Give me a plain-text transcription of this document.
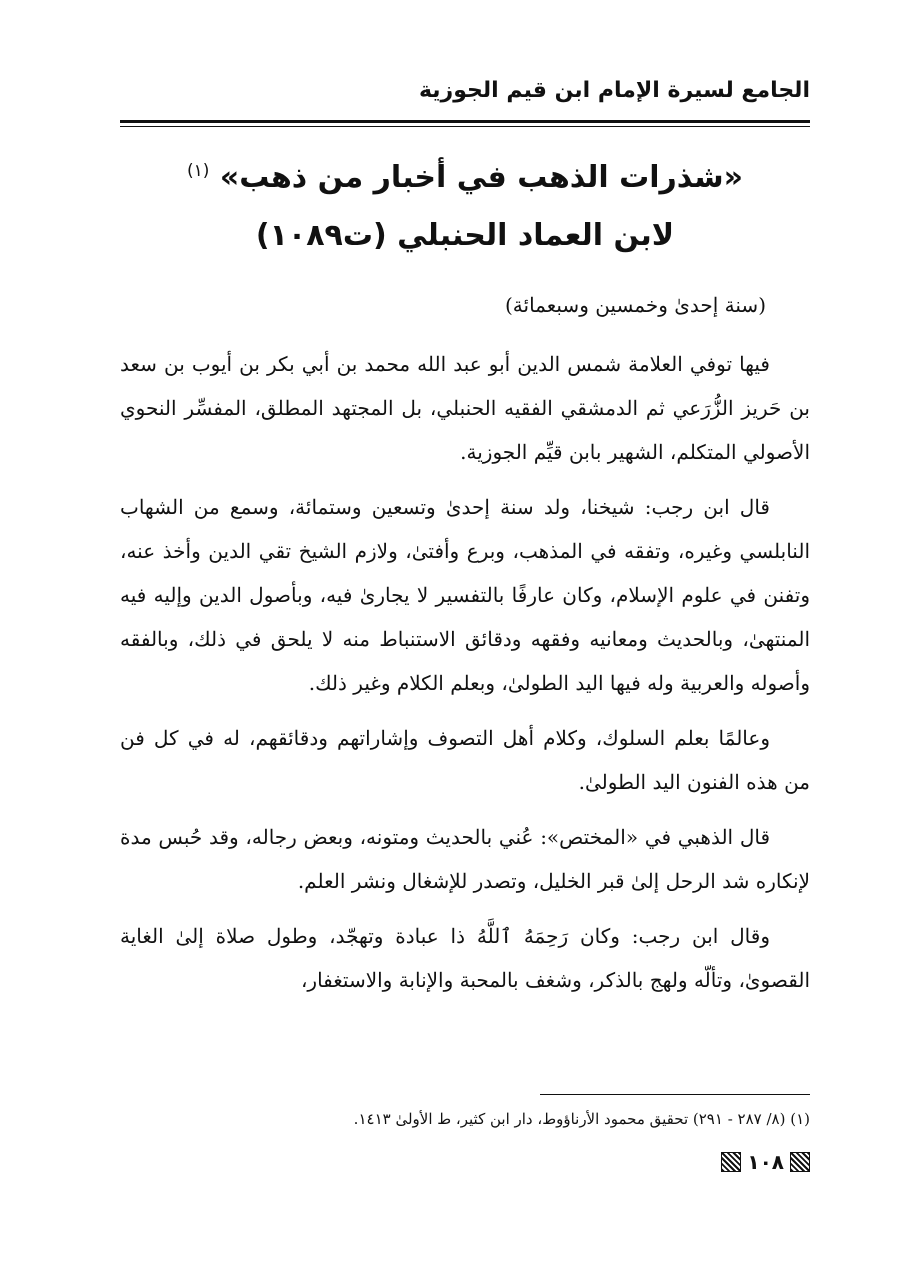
الجامع لسيرة الإمام ابن قيم الجوزية
«شذرات الذهب في أخبار من ذهب» $^{(١)}$
لابن العماد الحنبلي (ت١٠٨٩)
(سنة إحدىٰ وخمسين وسبعمائة)

فيها توفي العلامة شمس الدين أبو عبد الله محمد بن أبي بكر بن أيوب بن سعد بن حَريز الزُّرَعي ثم الدمشقي الفقيه الحنبلي، بل المجتهد المطلق، المفسِّر النحوي الأصولي المتكلم، الشهير بابن قيِّم الجوزية.

قال ابن رجب: شيخنا، ولد سنة إحدىٰ وتسعين وستمائة، وسمع من الشهاب النابلسي وغيره، وتفقه في المذهب، وبرع وأفتىٰ، ولازم الشيخ تقي الدين وأخذ عنه، وتفنن في علوم الإسلام، وكان عارفًا بالتفسير لا يجارىٰ فيه، وبأصول الدين وإليه فيه المنتهىٰ، وبالحديث ومعانيه وفقهه ودقائق الاستنباط منه لا يلحق في ذلك، وبالفقه وأصوله والعربية وله فيها اليد الطولىٰ، وبعلم الكلام وغير ذلك.

وعالمًا بعلم السلوك، وكلام أهل التصوف وإشاراتهم ودقائقهم، له في كل فن من هذه الفنون اليد الطولىٰ.

قال الذهبي في «المختص»: عُني بالحديث ومتونه، وبعض رجاله، وقد حُبس مدة لإنكاره شد الرحل إلىٰ قبر الخليل، وتصدر للإشغال ونشر العلم.

وقال ابن رجب: وكان رَحِمَهُ ٱللَّهُ ذا عبادة وتهجّد، وطول صلاة إلىٰ الغاية القصوىٰ، وتألّه ولهج بالذكر، وشغف بالمحبة والإنابة والاستغفار،

(١) (٨/ ٢٨٧ - ٢٩١) تحقيق محمود الأرناؤوط، دار ابن كثير، ط الأولىٰ ١٤١٣.
١٠٨
